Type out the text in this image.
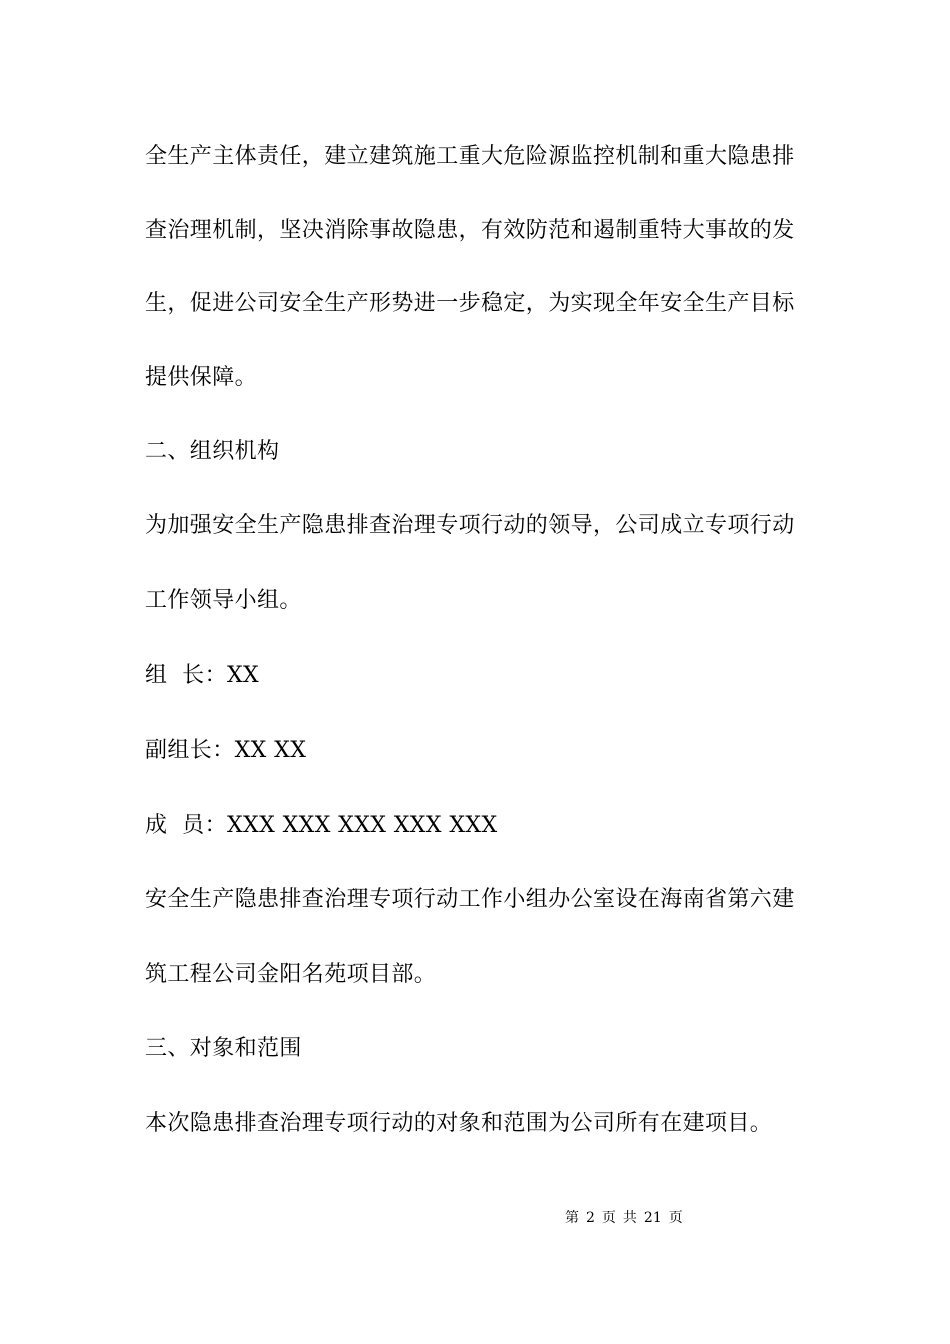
全生产主体责任，建立建筑施工重大危险源监控机制和重大隐患排
查治理机制，坚决消除事故隐患，有效防范和遏制重特大事故的发
生，促进公司安全生产形势进一步稳定，为实现全年安全生产目标
提供保障。
二、组织机构
为加强安全生产隐患排查治理专项行动的领导，公司成立专项行动
工作领导小组。
组  长：XX
副组长：XX XX
成  员：XXX XXX XXX XXX XXX
安全生产隐患排查治理专项行动工作小组办公室设在海南省第六建
筑工程公司金阳名苑项目部。
三、对象和范围
本次隐患排查治理专项行动的对象和范围为公司所有在建项目。
第 2 页 共 21 页
